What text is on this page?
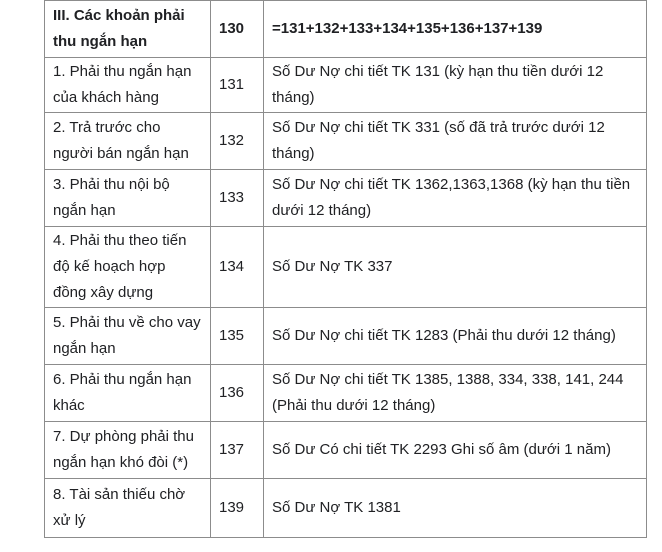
III. Các khoản phải thu ngắn hạn	130	=131+132+133+134+135+136+137+139
1. Phải thu ngắn hạn của khách hàng	131	Số Dư Nợ chi tiết TK 131 (kỳ hạn thu tiền dưới 12 tháng)
2. Trả trước cho người bán ngắn hạn	132	Số Dư Nợ chi tiết TK 331 (số đã trả trước dưới 12 tháng)
3. Phải thu nội bộ ngắn hạn	133	Số Dư Nợ chi tiết TK 1362,1363,1368 (kỳ hạn thu tiền dưới 12 tháng)
4. Phải thu theo tiến độ kế hoạch hợp đồng xây dựng	134	Số Dư Nợ TK 337
5. Phải thu về cho vay ngắn hạn	135	Số Dư Nợ chi tiết TK 1283 (Phải thu dưới 12 tháng)
6. Phải thu ngắn hạn khác	136	Số Dư Nợ chi tiết TK 1385, 1388, 334, 338, 141, 244 (Phải thu dưới 12 tháng)
7. Dự phòng phải thu ngắn hạn khó đòi (*)	137	Số Dư Có chi tiết TK 2293 Ghi số âm (dưới 1 năm)
8. Tài sản thiếu chờ xử lý	139	Số Dư Nợ TK 1381
